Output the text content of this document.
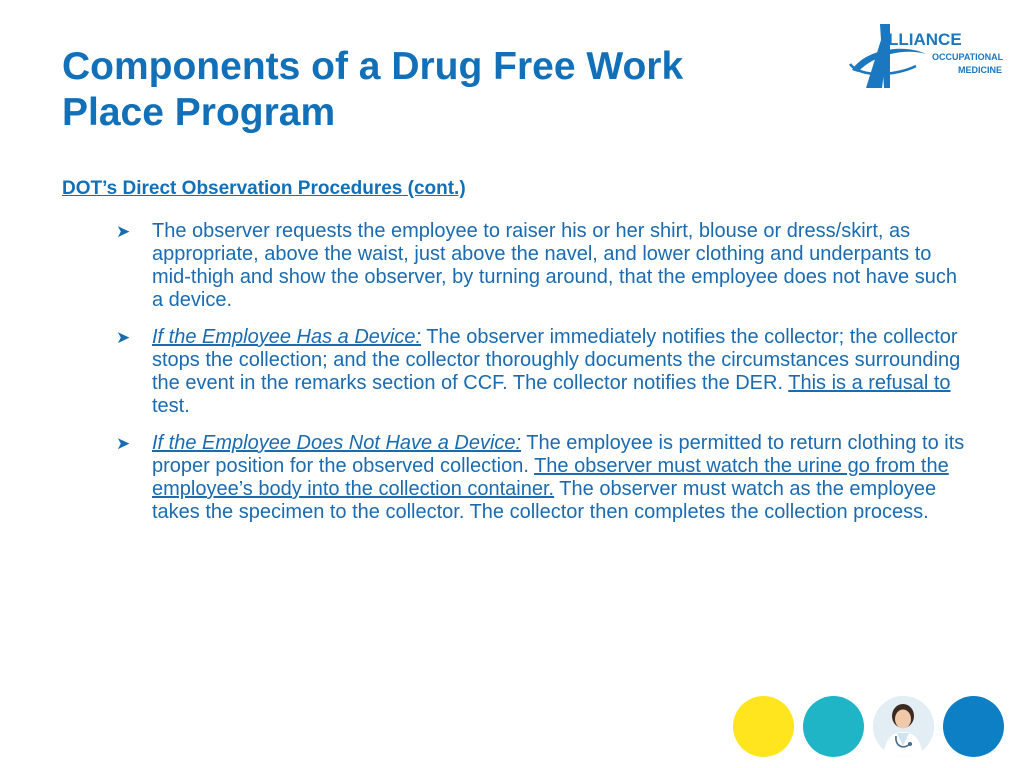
Components of a Drug Free Work
Place Program
LLIANCE
OCCUPATIONAL
MEDICINE

DOT’s Direct Observation Procedures (cont.)

➤ The observer requests the employee to raiser his or her shirt, blouse or dress/skirt, as appropriate, above the waist, just above the navel, and lower clothing and underpants to mid-thigh and show the observer, by turning around, that the employee does not have such a device.
➤ If the Employee Has a Device: The observer immediately notifies the collector; the collector stops the collection; and the collector thoroughly documents the circumstances surrounding the event in the remarks section of CCF. The collector notifies the DER. This is a refusal to test.
➤ If the Employee Does Not Have a Device: The employee is permitted to return clothing to its proper position for the observed collection. The observer must watch the urine go from the employee’s body into the collection container. The observer must watch as the employee takes the specimen to the collector. The collector then completes the collection process.
